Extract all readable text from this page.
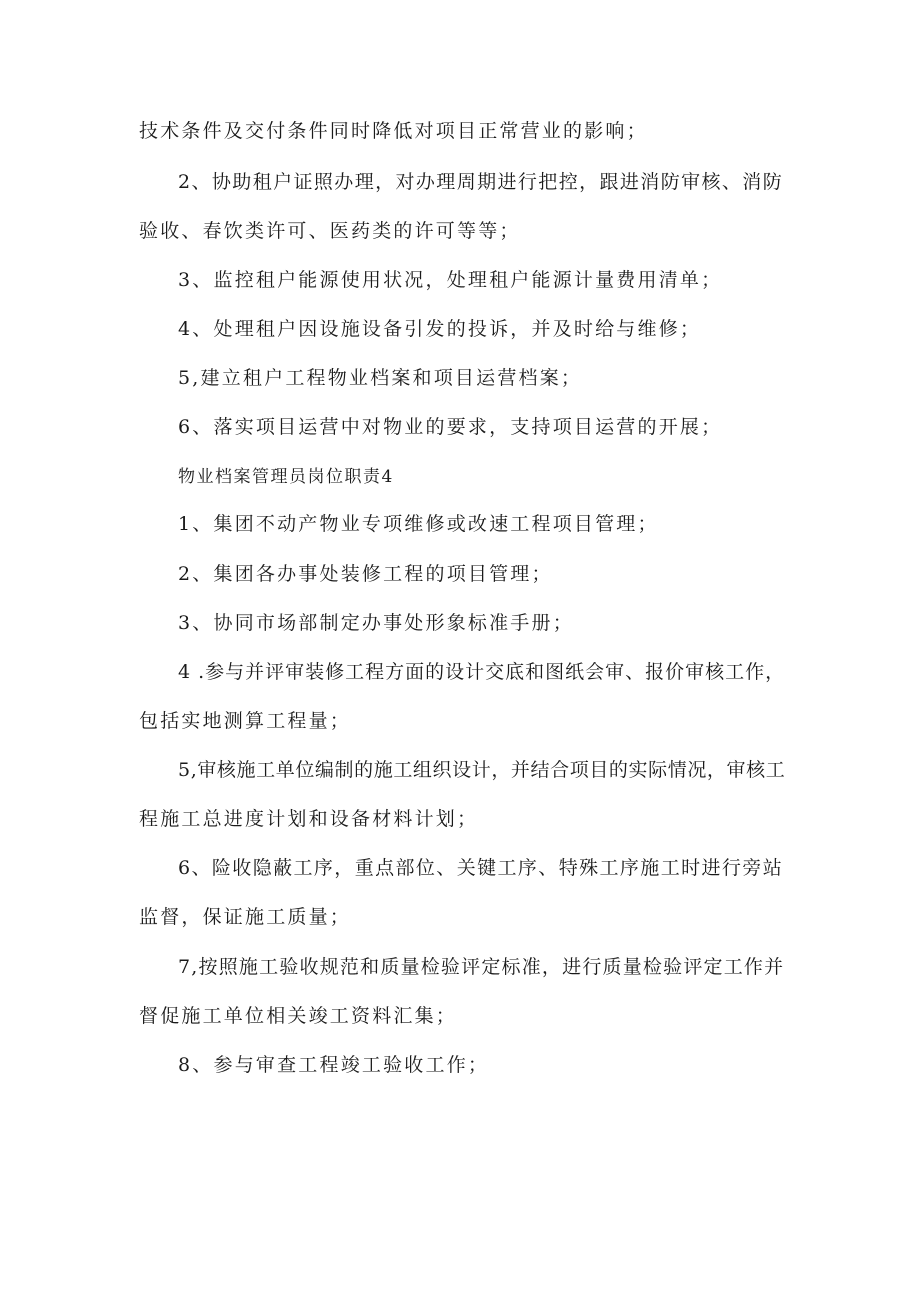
技术条件及交付条件同时降低对项目正常营业的影响；
2、协助租户证照办理，对办理周期进行把控，跟进消防审核、消防
验收、春饮类许可、医药类的许可等等；
3、监控租户能源使用状况，处理租户能源计量费用清单；
4、处理租户因设施设备引发的投诉，并及时给与维修；
5,建立租户工程物业档案和项目运营档案；
6、落实项目运营中对物业的要求，支持项目运营的开展；
物业档案管理员岗位职责4
1、集团不动产物业专项维修或改速工程项目管理；
2、集团各办事处装修工程的项目管理；
3、协同市场部制定办事处形象标准手册；
4 .参与并评审装修工程方面的设计交底和图纸会审、报价审核工作，
包括实地测算工程量；
5,审核施工单位编制的施工组织设计，并结合项目的实际情况，审核工
程施工总进度计划和设备材料计划；
6、险收隐蔽工序，重点部位、关键工序、特殊工序施工时进行旁站
监督，保证施工质量；
7,按照施工验收规范和质量检验评定标准，进行质量检验评定工作并
督促施工单位相关竣工资料汇集；
8、参与审查工程竣工验收工作；
